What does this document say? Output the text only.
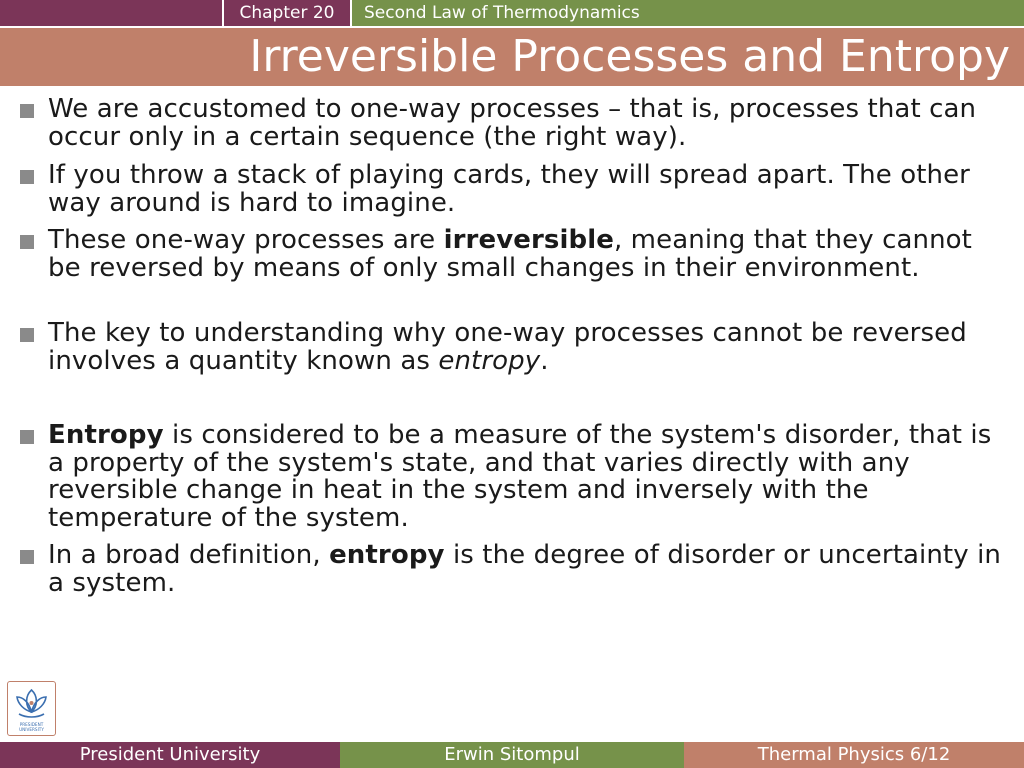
Chapter 20	Second Law of Thermodynamics
Irreversible Processes and Entropy
We are accustomed to one-way processes – that is, processes that can occur only in a certain sequence (the right way).
If you throw a stack of playing cards, they will spread apart. The other way around is hard to imagine.
These one-way processes are irreversible, meaning that they cannot be reversed by means of only small changes in their environment.
The key to understanding why one-way processes cannot be reversed involves a quantity known as entropy.
Entropy is considered to be a measure of the system's disorder, that is a property of the system's state, and that varies directly with any reversible change in heat in the system and inversely with the temperature of the system.
In a broad definition, entropy is the degree of disorder or uncertainty in a system.
PRESIDENT
UNIVERSITY
President University	Erwin Sitompul	Thermal Physics 6/12
